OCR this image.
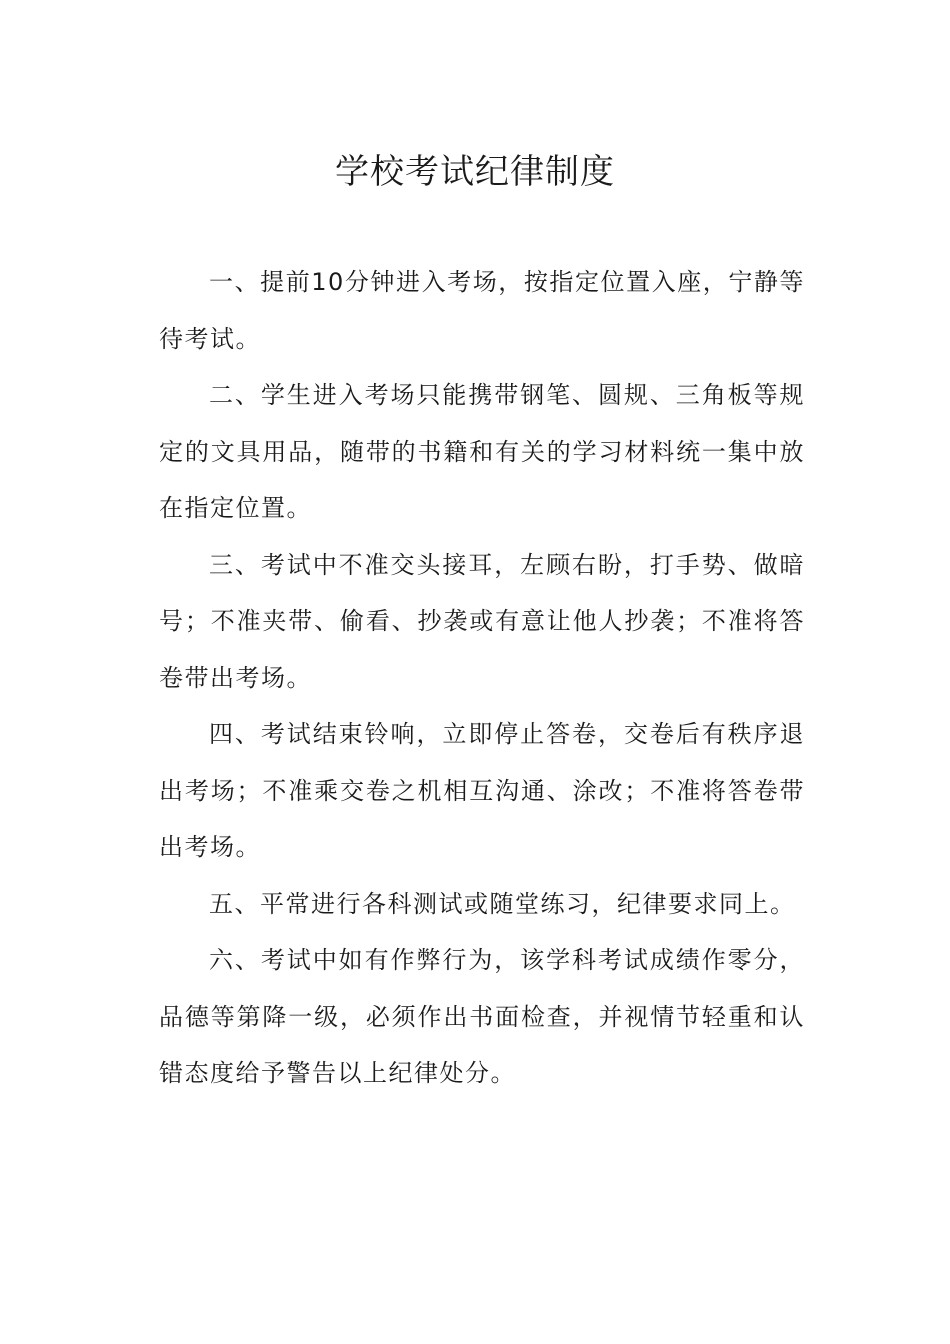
学校考试纪律制度

一、提前10分钟进入考场，按指定位置入座，宁静等待考试。

二、学生进入考场只能携带钢笔、圆规、三角板等规定的文具用品，随带的书籍和有关的学习材料统一集中放在指定位置。

三、考试中不准交头接耳，左顾右盼，打手势、做暗号；不准夹带、偷看、抄袭或有意让他人抄袭；不准将答卷带出考场。

四、考试结束铃响，立即停止答卷，交卷后有秩序退出考场；不准乘交卷之机相互沟通、涂改；不准将答卷带出考场。

五、平常进行各科测试或随堂练习，纪律要求同上。

六、考试中如有作弊行为，该学科考试成绩作零分，品德等第降一级，必须作出书面检查，并视情节轻重和认错态度给予警告以上纪律处分。
